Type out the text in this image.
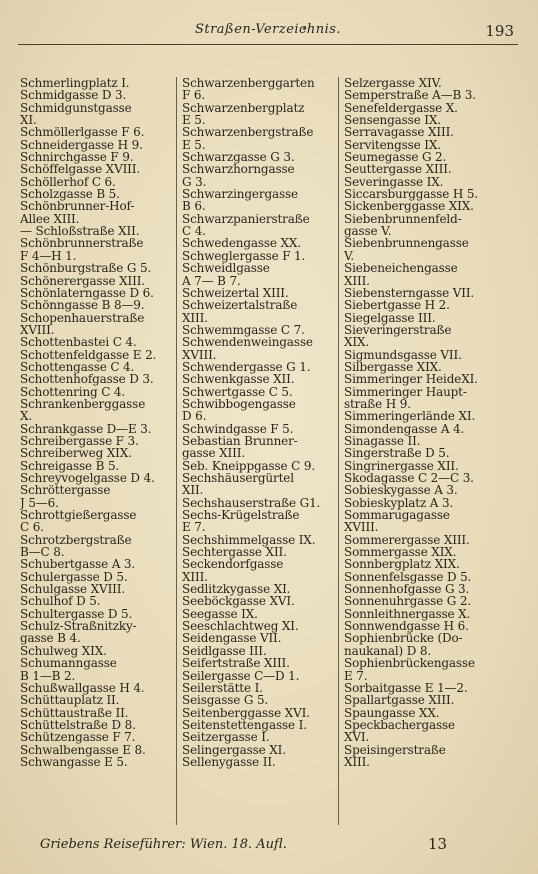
Straßen-Verzeichnis.	193
Schmerlingplatz I.
Schmidgasse D 3.
Schmidgunstgasse
XI.
Schmöllerlgasse F 6.
Schneidergasse H 9.
Schnirchgasse F 9.
Schöffelgasse XVIII.
Schöllerhof C 6.
Scholzgasse B 5.
Schönbrunner-Hof-
Allee XIII.
— Schloßstraße XII.
Schönbrunnerstraße
F 4—H 1.
Schönburgstraße G 5.
Schönerergasse XIII.
Schönlaterngasse D 6.
Schönngasse B 8—9.
Schopenhauerstraße
XVIII.
Schottenbastei C 4.
Schottenfeldgasse E 2.
Schottengasse C 4.
Schottenhofgasse D 3.
Schottenring C 4.
Schrankenberggasse
X.
Schrankgasse D—E 3.
Schreibergasse F 3.
Schreiberweg XIX.
Schreigasse B 5.
Schreyvogelgasse D 4.
Schröttergasse
J 5—6.
Schrottgießergasse
C 6.
Schrotzbergstraße
B—C 8.
Schubertgasse A 3.
Schulergasse D 5.
Schulgasse XVIII.
Schulhof D 5.
Schultergasse D 5.
Schulz-Straßnitzky-
gasse B 4.
Schulweg XIX.
Schumanngasse
B 1—B 2.
Schußwallgasse H 4.
Schüttauplatz II.
Schüttaustraße II.
Schüttelstraße D 8.
Schützengasse F 7.
Schwalbengasse E 8.
Schwangasse E 5.
Schwarzenberggarten
F 6.
Schwarzenbergplatz
E 5.
Schwarzenbergstraße
E 5.
Schwarzgasse G 3.
Schwarzhorngasse
G 3.
Schwarzingergasse
B 6.
Schwarzpanierstraße
C 4.
Schwedengasse XX.
Schweglergasse F 1.
Schweidlgasse
A 7— B 7.
Schweizertal XIII.
Schweizertalstraße
XIII.
Schwemmgasse C 7.
Schwendenweingasse
XVIII.
Schwendergasse G 1.
Schwenkgasse XII.
Schwertgasse C 5.
Schwibbogengasse
D 6.
Schwindgasse F 5.
Sebastian Brunner-
gasse XIII.
Seb. Kneippgasse C 9.
Sechshäusergürtel
XII.
Sechshauserstraße G1.
Sechs-Krügelstraße
E 7.
Sechshimmelgasse IX.
Sechtergasse XII.
Seckendorfgasse
XIII.
Sedlitzkygasse XI.
Seeböckgasse XVI.
Seegasse IX.
Seeschlachtweg XI.
Seidengasse VII.
Seidlgasse III.
Seifertstraße XIII.
Seilergasse C—D 1.
Seilerstätte I.
Seisgasse G 5.
Seitenberggasse XVI.
Seitenstettengasse I.
Seitzergasse I.
Selingergasse XI.
Sellenygasse II.
Selzergasse XIV.
Semperstraße A—B 3.
Senefeldergasse X.
Sensengasse IX.
Serravagasse XIII.
Servitengsse IX.
Seumegasse G 2.
Seuttergasse XIII.
Severingasse IX.
Siccarsburggasse H 5.
Sickenberggasse XIX.
Siebenbrunnenfeld-
gasse V.
Siebenbrunnengasse
V.
Siebeneichengasse
XIII.
Siebensterngasse VII.
Siebertgasse H 2.
Siegelgasse III.
Sieveringerstraße
XIX.
Sigmundsgasse VII.
Silbergasse XIX.
Simmeringer HeideXI.
Simmeringer Haupt-
straße H 9.
Simmeringerlände XI.
Simondengasse A 4.
Sinagasse II.
Singerstraße D 5.
Singrinergasse XII.
Skodagasse C 2—C 3.
Sobieskygasse A 3.
Sobieskyplatz A 3.
Sommarugagasse
XVIII.
Sommerergasse XIII.
Sommergasse XIX.
Sonnbergplatz XIX.
Sonnenfelsgasse D 5.
Sonnenhofgasse G 3.
Sonnenuhrgasse G 2.
Sonnleithnergasse X.
Sonnwendgasse H 6.
Sophienbrücke (Do-
naukanal) D 8.
Sophienbrückengasse
E 7.
Sorbaitgasse E 1—2.
Spallartgasse XIII.
Spaungasse XX.
Speckbachergasse
XVI.
Speisingerstraße
XIII.
Griebens Reiseführer: Wien. 18. Aufl.	13
